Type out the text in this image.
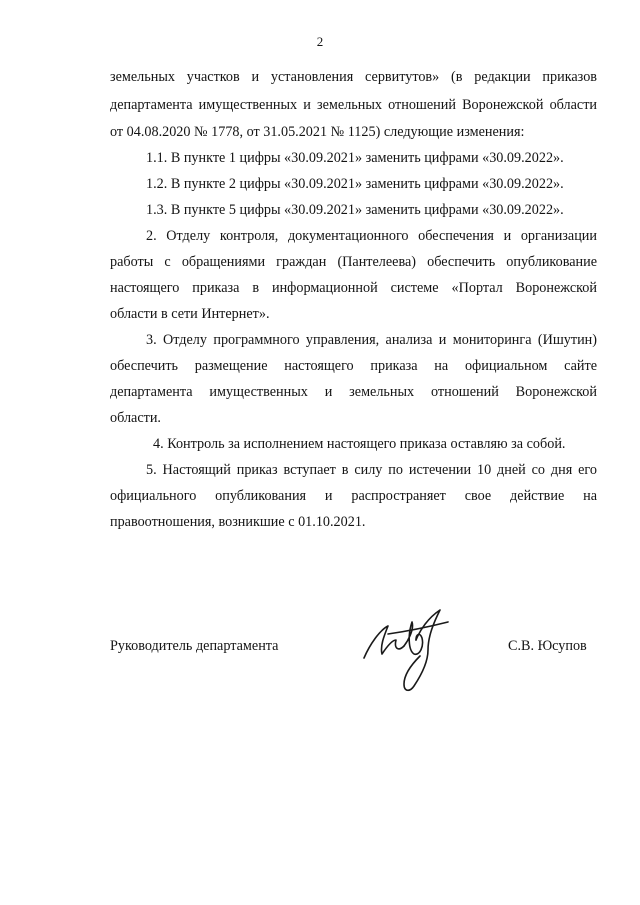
2
земельных участков и установления сервитутов» (в редакции приказов
департамента имущественных и земельных отношений Воронежской области
от 04.08.2020 № 1778, от 31.05.2021 № 1125) следующие изменения:
1.1. В пункте 1 цифры «30.09.2021» заменить цифрами «30.09.2022».
1.2. В пункте 2 цифры «30.09.2021» заменить цифрами «30.09.2022».
1.3. В пункте 5 цифры «30.09.2021» заменить цифрами «30.09.2022».
2. Отделу контроля, документационного обеспечения и организации
работы с обращениями граждан (Пантелеева) обеспечить опубликование
настоящего приказа в информационной системе «Портал Воронежской
области в сети Интернет».
3. Отделу программного управления, анализа и мониторинга (Ишутин)
обеспечить размещение настоящего приказа на официальном сайте
департамента имущественных и земельных отношений Воронежской
области.
4. Контроль за исполнением настоящего приказа оставляю за собой.
5. Настоящий приказ вступает в силу по истечении 10 дней со дня его
официального опубликования и распространяет свое действие на
правоотношения, возникшие с 01.10.2021.
Руководитель департамента	С.В. Юсупов
